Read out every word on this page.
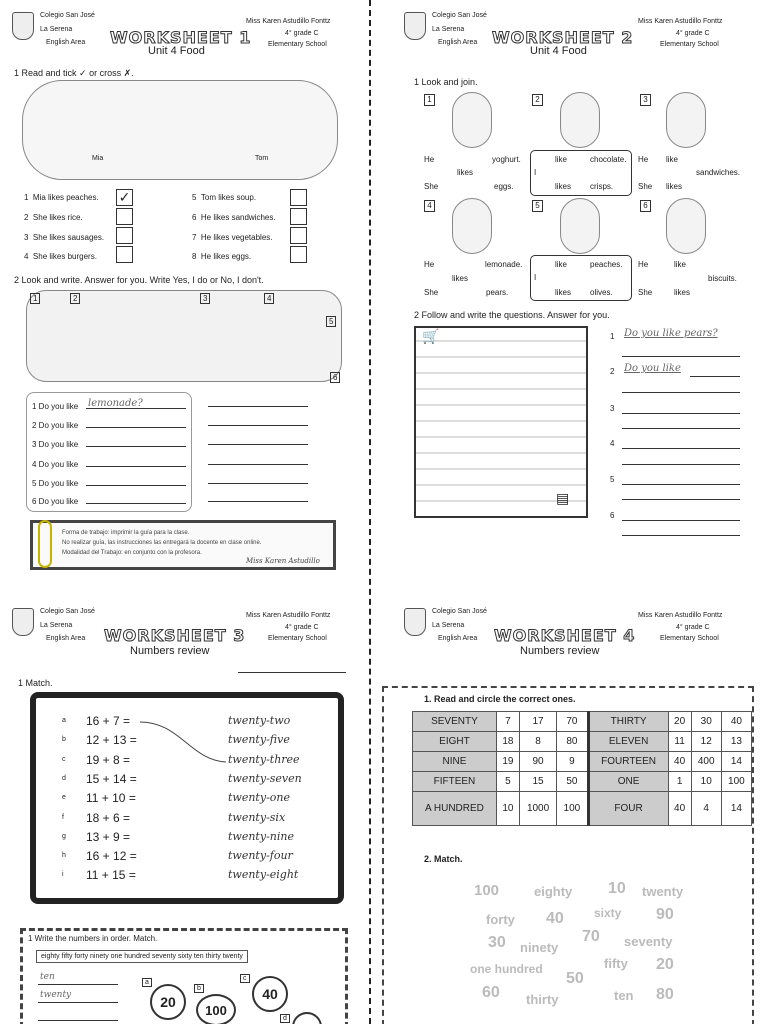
Colegio San José
La Serena
English Area WORKSHEET 1
Unit 4 Food
Miss Karen Astudillo Fonttz
4° grade C
Elementary School
1 Read and tick ✓ or cross ✗.
Mia	Tom
1 Mia likes peaches.
2 She likes rice.
3 She likes sausages.
4 She likes burgers.
✓	5 Tom likes soup.
6 He likes sandwiches.
7 He likes vegetables.
8 He likes eggs.
2 Look and write. Answer for you. Write Yes, I do or No, I don't.
1	2	3	4
5
6
1 Do you like lemonade?
2 Do you like
3 Do you like
4 Do you like
5 Do you like
6 Do you like
Forma de trabajo: imprimir la guía para la clase.
No realizar guía, las instrucciones las entregará la docente en clase online.
Modalidad del Trabajo: en conjunto con la profesora.
Miss Karen Astudillo
Colegio San José
La Serena
English Area WORKSHEET 2
Unit 4 Food
Miss Karen Astudillo Fonttz
4° grade C
Elementary School
1 Look and join.
1	2	3
He
likes
She
yoghurt.
eggs.
I
like	chocolate.
likes crisps.
He like
sandwiches.
She likes
4	5	6
He
likes
She
lemonade.
pears.
I
like	peaches.
likes olives.
He	like
biscuits.
She	likes
2 Follow and write the questions. Answer for you.
🛒
▤
1 Do you like pears?
2 Do you like
3
4
5
6
Colegio San José
La Serena
English Area WORKSHEET 3
Numbers review
Miss Karen Astudillo Fonttz
4° grade C
Elementary School
1 Match.
a 16 + 7 =
b 12 + 13 =
c 19 + 8 =
d 15 + 14 =
e 11 + 10 =
f 18 + 6 =
g 13 + 9 =
h 16 + 12 =
i 11 + 15 =
twenty-two
twenty-five
twenty-three
twenty-seven
twenty-one
twenty-six
twenty-nine
twenty-four
twenty-eight
1 Write the numbers in order. Match.
eighty fifty forty ninety one hundred seventy sixty ten thirty twenty
ten
twenty	20
a
100
b	40
c
d
Colegio San José
La Serena
English Area WORKSHEET 4
Numbers review
Miss Karen Astudillo Fonttz
4° grade C
Elementary School
1. Read and circle the correct ones.
SEVENTY	7	17	70	THIRTY	20	30	40
EIGHT	18	8	80	ELEVEN	11	12	13
NINE	19	90	9	FOURTEEN	40	400	14
FIFTEEN	5	15	50	ONE	1	10	100
A HUNDRED	10	1000	100	FOUR	40	4	14
2. Match.
100	eighty 10 twenty
forty 40	sixty 90
30 ninety
70 seventy
one hundred	fifty 20
50
60 thirty	ten 80
